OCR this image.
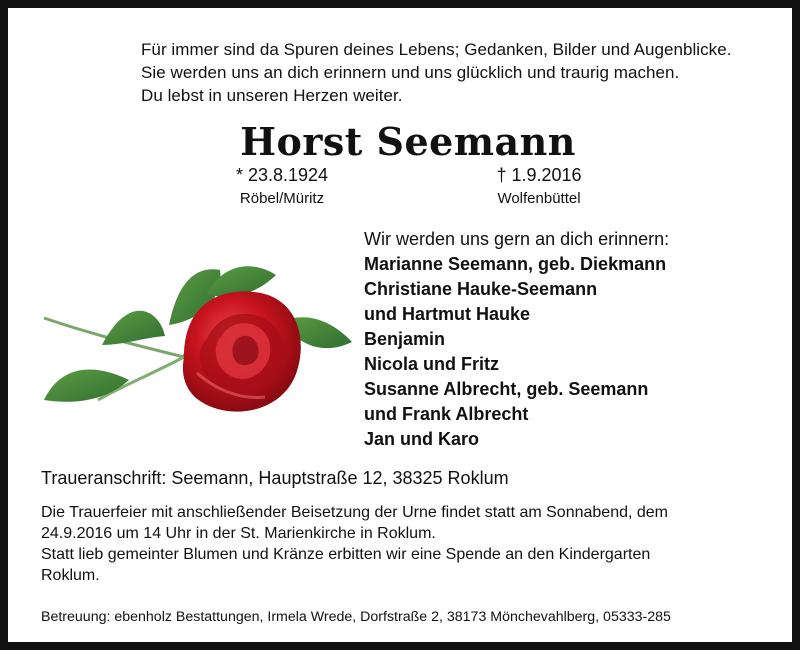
Für immer sind da Spuren deines Lebens; Gedanken, Bilder und Augenblicke.
Sie werden uns an dich erinnern und uns glücklich und traurig machen.
Du lebst in unseren Herzen weiter.
Horst Seemann
* 23.8.1924	† 1.9.2016
Röbel/Müritz	Wolfenbüttel
Wir werden uns gern an dich erinnern:
Marianne Seemann, geb. Diekmann
Christiane Hauke-Seemann
und Hartmut Hauke
Benjamin
Nicola und Fritz
Susanne Albrecht, geb. Seemann
und Frank Albrecht
Jan und Karo
Traueranschrift: Seemann, Hauptstraße 12, 38325 Roklum
Die Trauerfeier mit anschließender Beisetzung der Urne findet statt am Sonnabend, dem
24.9.2016 um 14 Uhr in der St. Marienkirche in Roklum.
Statt lieb gemeinter Blumen und Kränze erbitten wir eine Spende an den Kindergarten
Roklum.
Betreuung: ebenholz Bestattungen, Irmela Wrede, Dorfstraße 2, 38173 Mönchevahlberg, 05333-285
